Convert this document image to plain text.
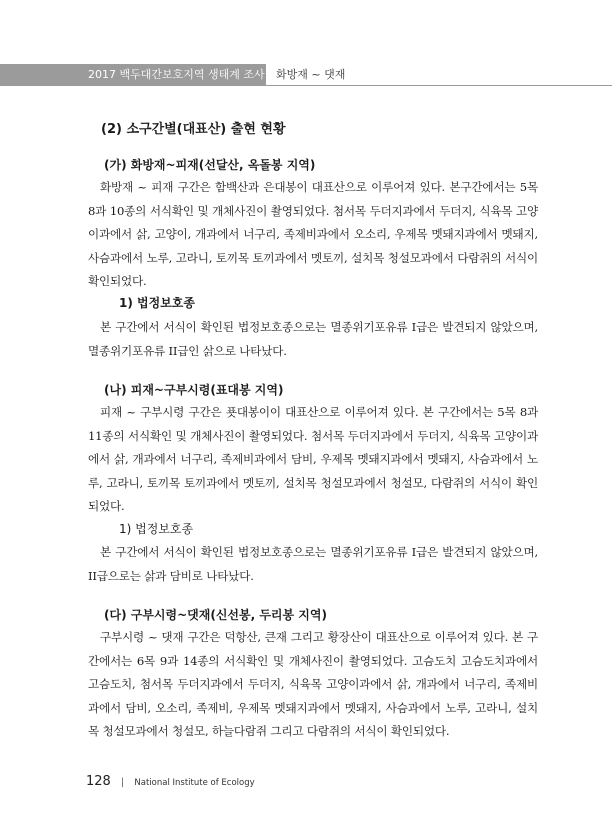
2017 백두대간보호지역 생태계 조사 화방재 ~ 댓재
(2) 소구간별(대표산) 출현 현황
(가) 화방재~피재(선달산, 옥돌봉 지역)

화방재 ~ 피재 구간은 함백산과 은대봉이 대표산으로 이루어져 있다. 본구간에서는 5목 8과 10종의 서식확인 및 개체사진이 촬영되었다. 첨서목 두더지과에서 두더지, 식육목 고양이과에서 삵, 고양이, 개과에서 너구리, 족제비과에서 오소리, 우제목 멧돼지과에서 멧돼지, 사슴과에서 노루, 고라니, 토끼목 토끼과에서 멧토끼, 설치목 청설모과에서 다람쥐의 서식이 확인되었다.

1) 법정보호종

본 구간에서 서식이 확인된 법정보호종으로는 멸종위기포유류 I급은 발견되지 않았으며, 멸종위기포유류 II급인 삵으로 나타났다.

(나) 피재~구부시령(표대봉 지역)

피재 ~ 구부시령 구간은 푯대봉이이 대표산으로 이루어져 있다. 본 구간에서는 5목 8과 11종의 서식확인 및 개체사진이 촬영되었다. 첨서목 두더지과에서 두더지, 식육목 고양이과에서 삵, 개과에서 너구리, 족제비과에서 담비, 우제목 멧돼지과에서 멧돼지, 사슴과에서 노루, 고라니, 토끼목 토끼과에서 멧토끼, 설치목 청설모과에서 청설모, 다람쥐의 서식이 확인되었다.

1) 법정보호종

본 구간에서 서식이 확인된 법정보호종으로는 멸종위기포유류 I급은 발견되지 않았으며, II급으로는 삵과 담비로 나타났다.

(다) 구부시령~댓재(신선봉, 두리봉 지역)

구부시령 ~ 댓재 구간은 덕항산, 큰재 그리고 황장산이 대표산으로 이루어져 있다. 본 구간에서는 6목 9과 14종의 서식확인 및 개체사진이 촬영되었다. 고슴도치 고슴도치과에서 고슴도치, 첨서목 두더지과에서 두더지, 식육목 고양이과에서 삵, 개과에서 너구리, 족제비과에서 담비, 오소리, 족제비, 우제목 멧돼지과에서 멧돼지, 사슴과에서 노루, 고라니, 설치목 청설모과에서 청설모, 하늘다람쥐 그리고 다람쥐의 서식이 확인되었다.

128 | National Institute of Ecology
